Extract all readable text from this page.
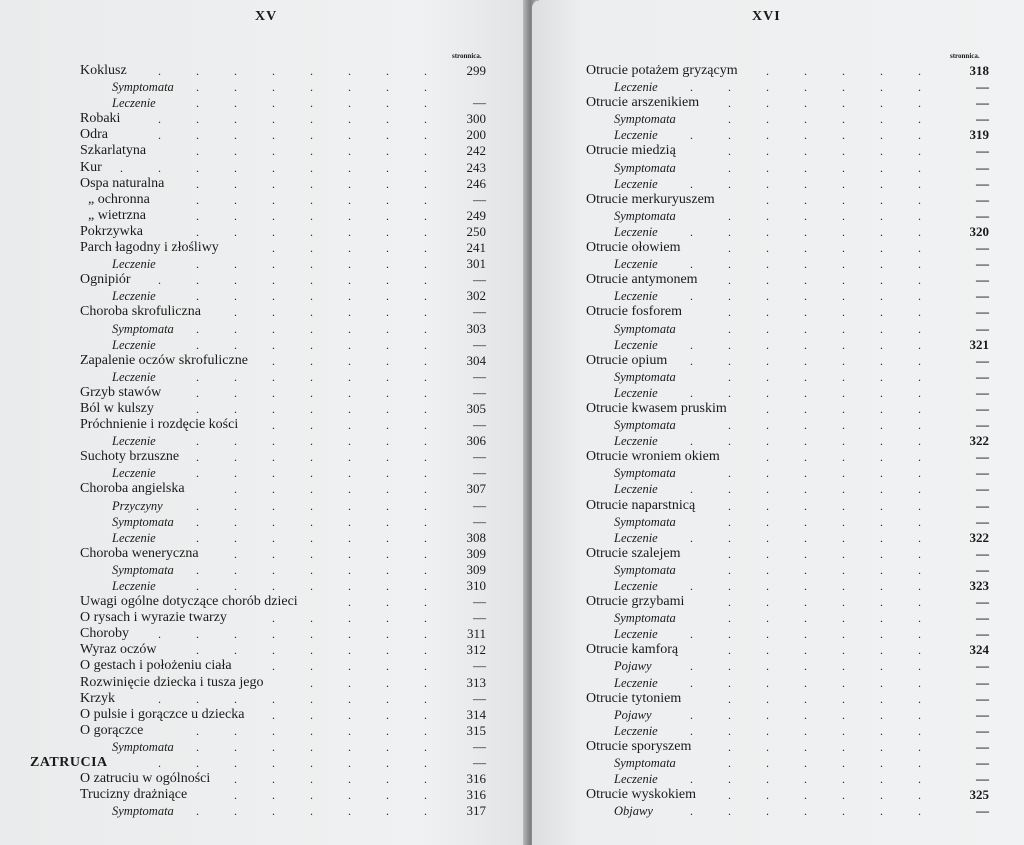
XV
stronnica.
.	.	.	.	.	.	.	.
Koklusz	299
.	.	.	.	.	.	.
Symptomata
.	.	.	.	.	.	.
Leczenie	—
.	.	.	.	.	.	.	.
Robaki	300
.	.	.	.	.	.	.	.
Odra	200
.	.	.	.	.	.	.
Szkarlatyna	242
.	.	.	.	.	.	.	.	.
Kur	243
.	.	.	.	.	.	.
Ospa naturalna	246
.	.	.	.	.	.	.
„ ochronna	—
.	.	.	.	.	.	.
„ wietrzna	249
.	.	.	.	.	.	.
Pokrzywka	250
.	.	.	.	.
Parch łagodny i złośliwy	241
.	.	.	.	.	.	.
Leczenie	301
.	.	.	.	.	.	.	.
Ognipiór	—
.	.	.	.	.	.	.
Leczenie	302
.	.	.	.	.	.
Choroba skrofuliczna	—
.	.	.	.	.	.	.
Symptomata	303
.	.	.	.	.	.	.
Leczenie	—
.	.	.	.	.
Zapalenie oczów skrofuliczne	304
.	.	.	.	.	.	.
Leczenie	—
.	.	.	.	.	.	.
Grzyb stawów	—
.	.	.	.	.	.	.
Ból w kulszy	305
.	.	.	.	.
Próchnienie i rozdęcie kości	—
.	.	.	.	.	.	.
Leczenie	306
.	.	.	.	.	.	.
Suchoty brzuszne	—
.	.	.	.	.	.	.
Leczenie	—
.	.	.	.	.	.
Choroba angielska	307
.	.	.	.	.	.	.
Przyczyny	—
.	.	.	.	.	.	.
Symptomata	—
.	.	.	.	.	.	.
Leczenie	308
.	.	.	.	.	.
Choroba weneryczna	309
.	.	.	.	.	.	.
Symptomata	309
.	.	.	.	.	.	.
Leczenie	310
.	.	.
Uwagi ogólne dotyczące chorób dzieci	—
.	.	.	.	.
O rysach i wyrazie twarzy	—
.	.	.	.	.	.	.	.
Choroby	311
.	.	.	.	.	.	.
Wyraz oczów	312
.	.	.	.	.
O gestach i położeniu ciała	—
.	.	.	.
Rozwinięcie dziecka i tusza jego	313
.	.	.	.	.	.	.	.
Krzyk	—
.	.	.	.	.
O pulsie i gorączce u dziecka	314
.	.	.	.	.	.	.
O gorączce	315
.	.	.	.	.	.	.
Symptomata	—
.	.	.	.	.	.	.	.
ZATRUCIA	—
.	.	.	.	.	.
O zatruciu w ogólności	316
.	.	.	.	.	.
Trucizny drażniące	316
.	.	.	.	.	.	.
Symptomata	317
XVI
stronnica.
.	.	.	.	.
Otrucie potażem gryzącym	318
.	.	.	.	.	.	.
Leczenie	—
.	.	.	.	.	.
Otrucie arszenikiem	—
.	.	.	.	.	.
Symptomata	—
.	.	.	.	.	.	.
Leczenie	319
.	.	.	.	.	.
Otrucie miedzią	—
.	.	.	.	.	.
Symptomata	—
.	.	.	.	.	.	.
Leczenie	—
.	.	.	.	.
Otrucie merkuryuszem	—
.	.	.	.	.	.
Symptomata	—
.	.	.	.	.	.	.
Leczenie	320
.	.	.	.	.	.
Otrucie ołowiem	—
.	.	.	.	.	.	.
Leczenie	—
.	.	.	.	.	.
Otrucie antymonem	—
.	.	.	.	.	.	.
Leczenie	—
.	.	.	.	.	.
Otrucie fosforem	—
.	.	.	.	.	.
Symptomata	—
.	.	.	.	.	.	.
Leczenie	321
.	.	.	.	.	.	.
Otrucie opium	—
.	.	.	.	.	.
Symptomata	—
.	.	.	.	.	.	.
Leczenie	—
.	.	.	.	.
Otrucie kwasem pruskim	—
.	.	.	.	.	.
Symptomata	—
.	.	.	.	.	.	.
Leczenie	322
.	.	.	.	.
Otrucie wroniem okiem	—
.	.	.	.	.	.
Symptomata	—
.	.	.	.	.	.	.
Leczenie	—
.	.	.	.	.	.
Otrucie naparstnicą	—
.	.	.	.	.	.
Symptomata	—
.	.	.	.	.	.	.
Leczenie	322
.	.	.	.	.	.
Otrucie szalejem	—
.	.	.	.	.	.
Symptomata	—
.	.	.	.	.	.	.
Leczenie	323
.	.	.	.	.	.
Otrucie grzybami	—
.	.	.	.	.	.
Symptomata	—
.	.	.	.	.	.	.
Leczenie	—
.	.	.	.	.	.
Otrucie kamforą	324
.	.	.	.	.	.	.
Pojawy	—
.	.	.	.	.	.	.
Leczenie	—
.	.	.	.	.	.
Otrucie tytoniem	—
.	.	.	.	.	.	.
Pojawy	—
.	.	.	.	.	.	.
Leczenie	—
.	.	.	.	.	.
Otrucie sporyszem	—
.	.	.	.	.	.
Symptomata	—
.	.	.	.	.	.	.
Leczenie	—
.	.	.	.	.	.
Otrucie wyskokiem	325
.	.	.	.	.	.	.
Objawy	—
